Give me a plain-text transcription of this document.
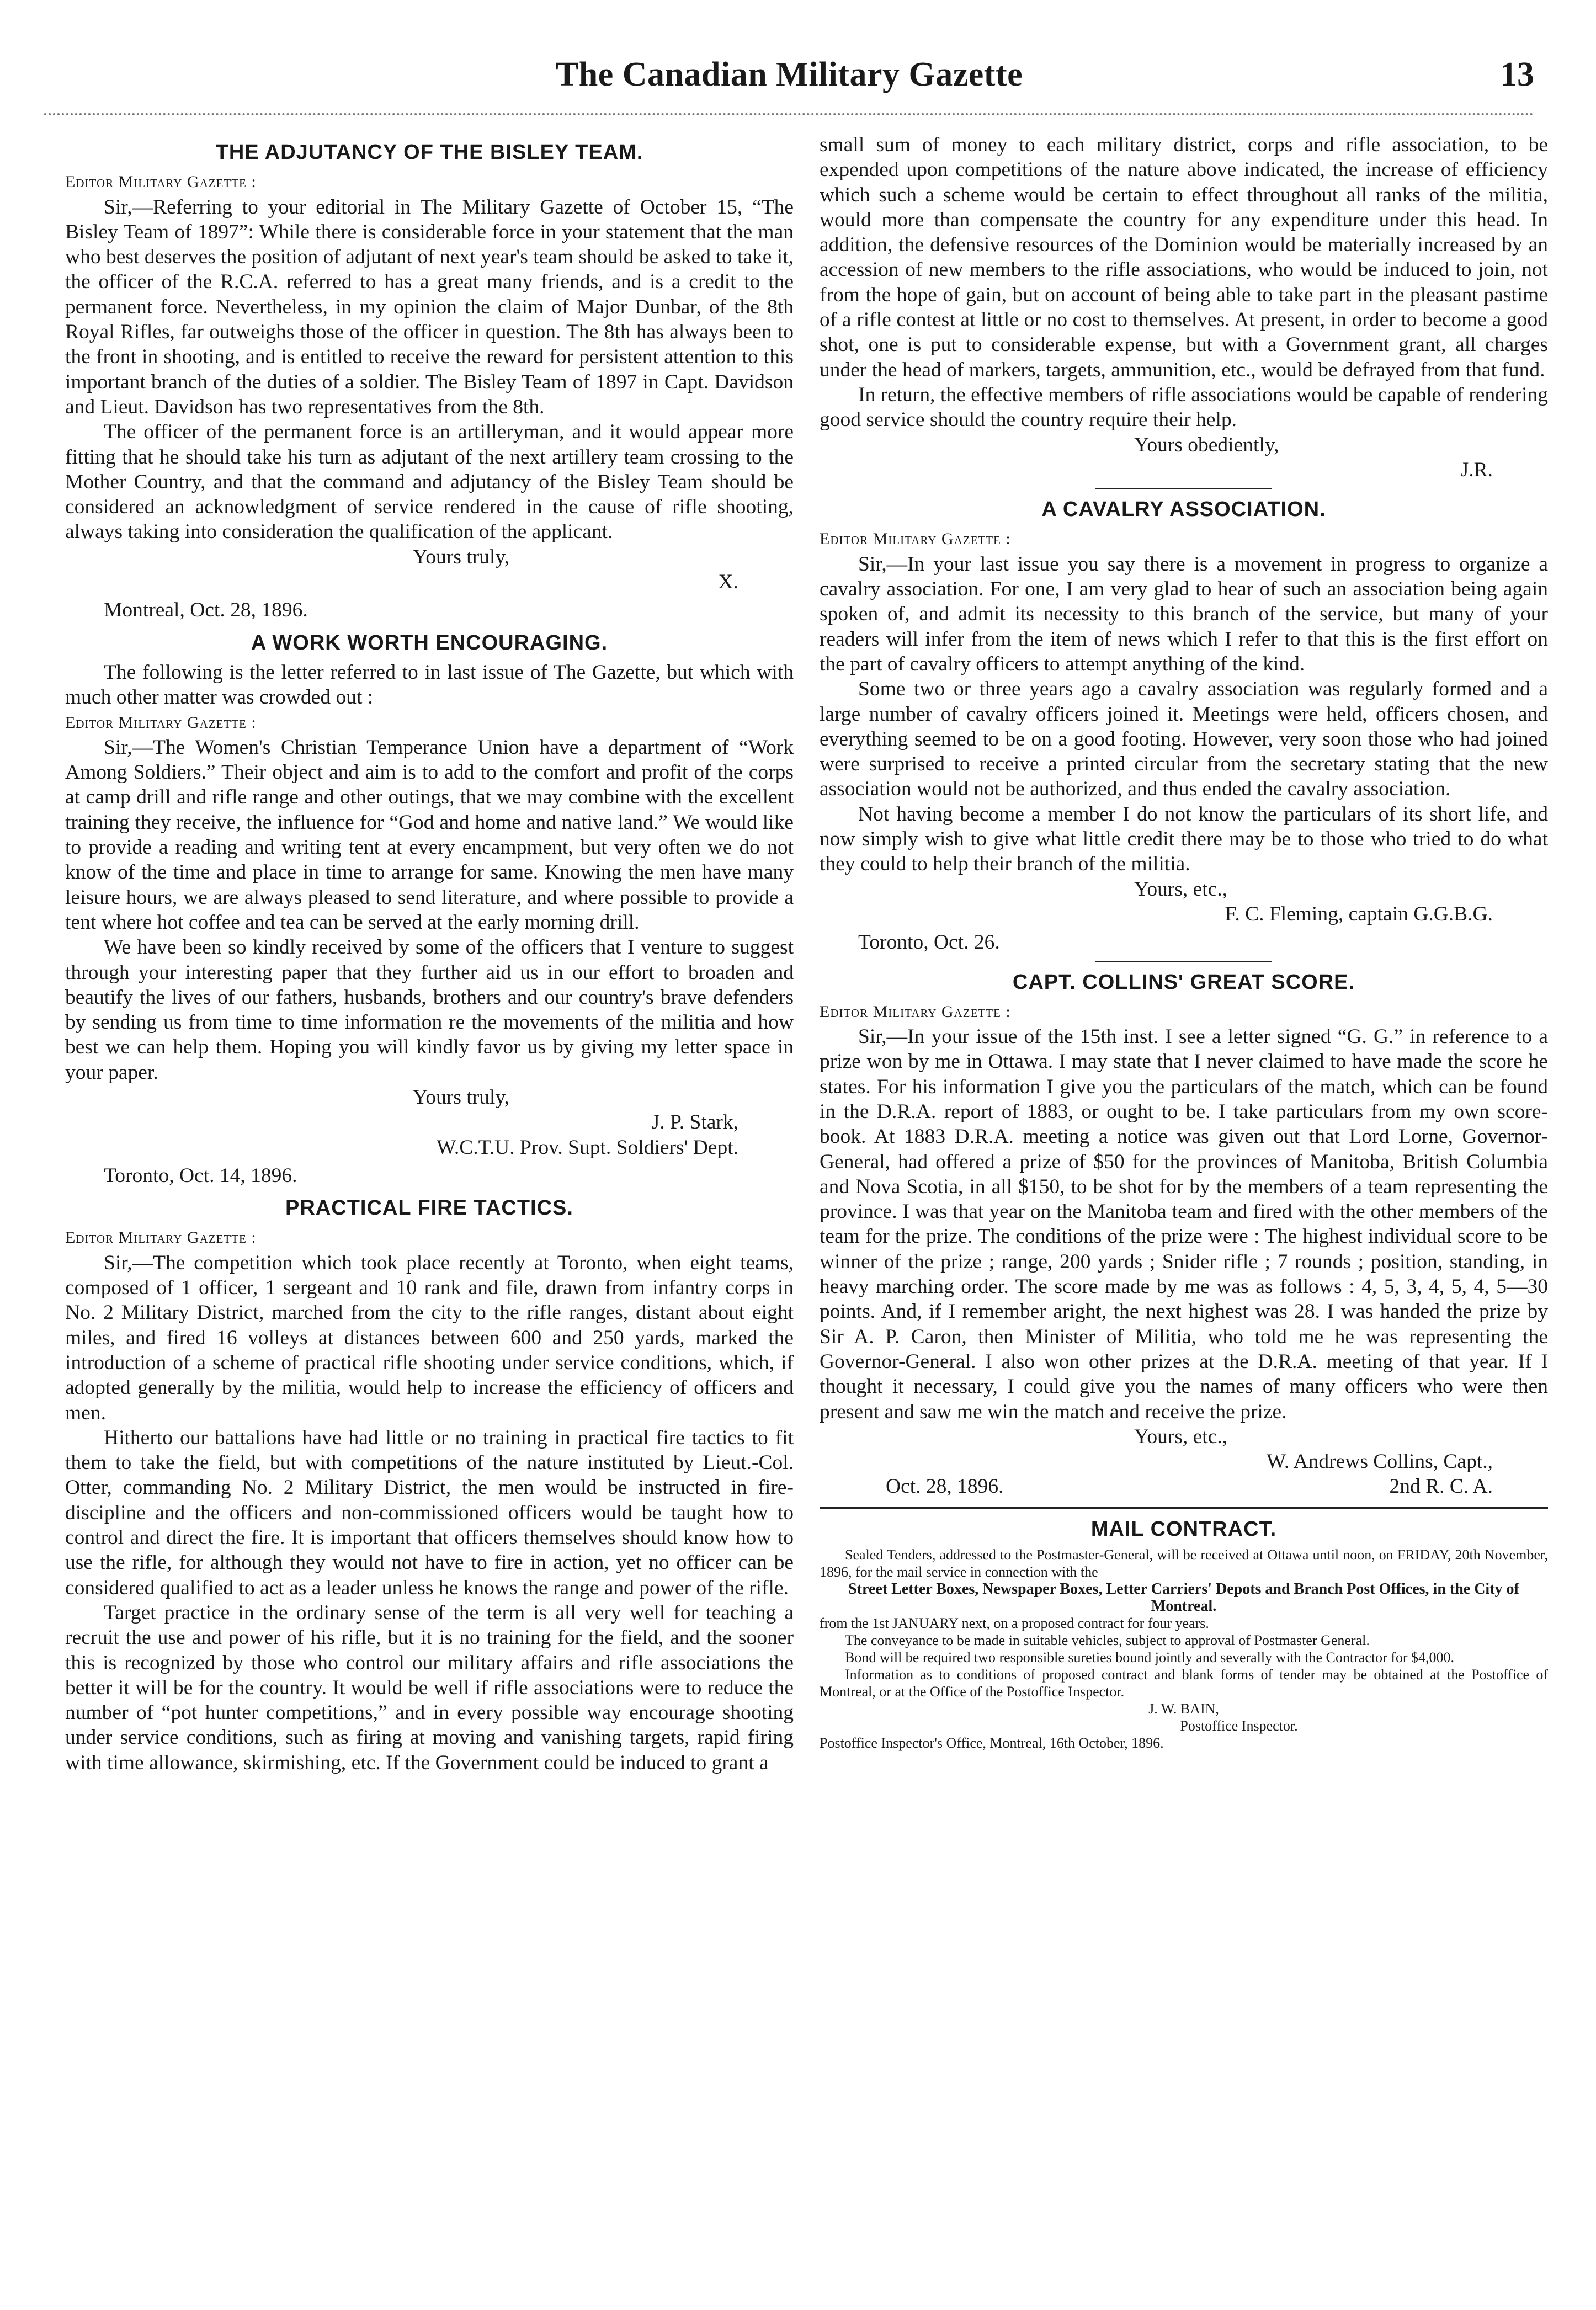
The Canadian Military Gazette	13
THE ADJUTANCY OF THE BISLEY TEAM.

Editor Military Gazette :

Sir,—Referring to your editorial in The Military Gazette of October 15, “The Bisley Team of 1897”: While there is considerable force in your statement that the man who best deserves the position of adjutant of next year's team should be asked to take it, the officer of the R.C.A. referred to has a great many friends, and is a credit to the permanent force. Nevertheless, in my opinion the claim of Major Dunbar, of the 8th Royal Rifles, far outweighs those of the officer in question. The 8th has always been to the front in shooting, and is entitled to receive the reward for persistent attention to this important branch of the duties of a soldier. The Bisley Team of 1897 in Capt. Davidson and Lieut. Davidson has two representatives from the 8th.

The officer of the permanent force is an artilleryman, and it would appear more fitting that he should take his turn as adjutant of the next artillery team crossing to the Mother Country, and that the command and adjutancy of the Bisley Team should be considered an acknowledgment of service rendered in the cause of rifle shooting, always taking into consideration the qualification of the applicant.

Yours truly,
X.

Montreal, Oct. 28, 1896.

A WORK WORTH ENCOURAGING.

The following is the letter referred to in last issue of The Gazette, but which with much other matter was crowded out :

Editor Military Gazette :

Sir,—The Women's Christian Temperance Union have a department of “Work Among Soldiers.” Their object and aim is to add to the comfort and profit of the corps at camp drill and rifle range and other outings, that we may combine with the excellent training they receive, the influence for “God and home and native land.” We would like to provide a reading and writing tent at every encampment, but very often we do not know of the time and place in time to arrange for same. Knowing the men have many leisure hours, we are always pleased to send literature, and where possible to provide a tent where hot coffee and tea can be served at the early morning drill.

We have been so kindly received by some of the officers that I venture to suggest through your interesting paper that they further aid us in our effort to broaden and beautify the lives of our fathers, husbands, brothers and our country's brave defenders by sending us from time to time information re the movements of the militia and how best we can help them. Hoping you will kindly favor us by giving my letter space in your paper.

Yours truly,
J. P. Stark,
W.C.T.U. Prov. Supt. Soldiers' Dept.

Toronto, Oct. 14, 1896.

PRACTICAL FIRE TACTICS.

Editor Military Gazette :

Sir,—The competition which took place recently at Toronto, when eight teams, composed of 1 officer, 1 sergeant and 10 rank and file, drawn from infantry corps in No. 2 Military District, marched from the city to the rifle ranges, distant about eight miles, and fired 16 volleys at distances between 600 and 250 yards, marked the introduction of a scheme of practical rifle shooting under service conditions, which, if adopted generally by the militia, would help to increase the efficiency of officers and men.

Hitherto our battalions have had little or no training in practical fire tactics to fit them to take the field, but with competitions of the nature instituted by Lieut.-Col. Otter, commanding No. 2 Military District, the men would be instructed in fire-discipline and the officers and non-commissioned officers would be taught how to control and direct the fire. It is important that officers themselves should know how to use the rifle, for although they would not have to fire in action, yet no officer can be considered qualified to act as a leader unless he knows the range and power of the rifle.

Target practice in the ordinary sense of the term is all very well for teaching a recruit the use and power of his rifle, but it is no training for the field, and the sooner this is recognized by those who control our military affairs and rifle associations the better it will be for the country. It would be well if rifle associations were to reduce the number of “pot hunter competitions,” and in every possible way encourage shooting under service conditions, such as firing at moving and vanishing targets, rapid firing with time allowance, skirmishing, etc. If the Government could be induced to grant a

small sum of money to each military district, corps and rifle association, to be expended upon competitions of the nature above indicated, the increase of efficiency which such a scheme would be certain to effect throughout all ranks of the militia, would more than compensate the country for any expenditure under this head. In addition, the defensive resources of the Dominion would be materially increased by an accession of new members to the rifle associations, who would be induced to join, not from the hope of gain, but on account of being able to take part in the pleasant pastime of a rifle contest at little or no cost to themselves. At present, in order to become a good shot, one is put to considerable expense, but with a Government grant, all charges under the head of markers, targets, ammunition, etc., would be defrayed from that fund.

In return, the effective members of rifle associations would be capable of rendering good service should the country require their help.

Yours obediently,
J.R.

A CAVALRY ASSOCIATION.

Editor Military Gazette :

Sir,—In your last issue you say there is a movement in progress to organize a cavalry association. For one, I am very glad to hear of such an association being again spoken of, and admit its necessity to this branch of the service, but many of your readers will infer from the item of news which I refer to that this is the first effort on the part of cavalry officers to attempt anything of the kind.

Some two or three years ago a cavalry association was regularly formed and a large number of cavalry officers joined it. Meetings were held, officers chosen, and everything seemed to be on a good footing. However, very soon those who had joined were surprised to receive a printed circular from the secretary stating that the new association would not be authorized, and thus ended the cavalry association.

Not having become a member I do not know the particulars of its short life, and now simply wish to give what little credit there may be to those who tried to do what they could to help their branch of the militia.

Yours, etc.,
F. C. Fleming, captain G.G.B.G.

Toronto, Oct. 26.

CAPT. COLLINS' GREAT SCORE.

Editor Military Gazette :

Sir,—In your issue of the 15th inst. I see a letter signed “G. G.” in reference to a prize won by me in Ottawa. I may state that I never claimed to have made the score he states. For his information I give you the particulars of the match, which can be found in the D.R.A. report of 1883, or ought to be. I take particulars from my own score-book. At 1883 D.R.A. meeting a notice was given out that Lord Lorne, Governor-General, had offered a prize of $50 for the provinces of Manitoba, British Columbia and Nova Scotia, in all $150, to be shot for by the members of a team representing the province. I was that year on the Manitoba team and fired with the other members of the team for the prize. The conditions of the prize were : The highest individual score to be winner of the prize ; range, 200 yards ; Snider rifle ; 7 rounds ; position, standing, in heavy marching order. The score made by me was as follows : 4, 5, 3, 4, 5, 4, 5—30 points. And, if I remember aright, the next highest was 28. I was handed the prize by Sir A. P. Caron, then Minister of Militia, who told me he was representing the Governor-General. I also won other prizes at the D.R.A. meeting of that year. If I thought it necessary, I could give you the names of many officers who were then present and saw me win the match and receive the prize.

Yours, etc.,
W. Andrews Collins, Capt.,

Oct. 28, 1896.	2nd R. C. A.

MAIL CONTRACT.

Sealed Tenders, addressed to the Postmaster-General, will be received at Ottawa until noon, on FRIDAY, 20th November, 1896, for the mail service in connection with the

Street Letter Boxes, Newspaper Boxes, Letter Carriers' Depots and Branch Post Offices, in the City of Montreal.

from the 1st JANUARY next, on a proposed contract for four years.

The conveyance to be made in suitable vehicles, subject to approval of Postmaster General.

Bond will be required two responsible sureties bound jointly and severally with the Contractor for $4,000.

Information as to conditions of proposed contract and blank forms of tender may be obtained at the Postoffice of Montreal, or at the Office of the Postoffice Inspector.

J. W. BAIN,

Postoffice Inspector.

Postoffice Inspector's Office, Montreal, 16th October, 1896.
